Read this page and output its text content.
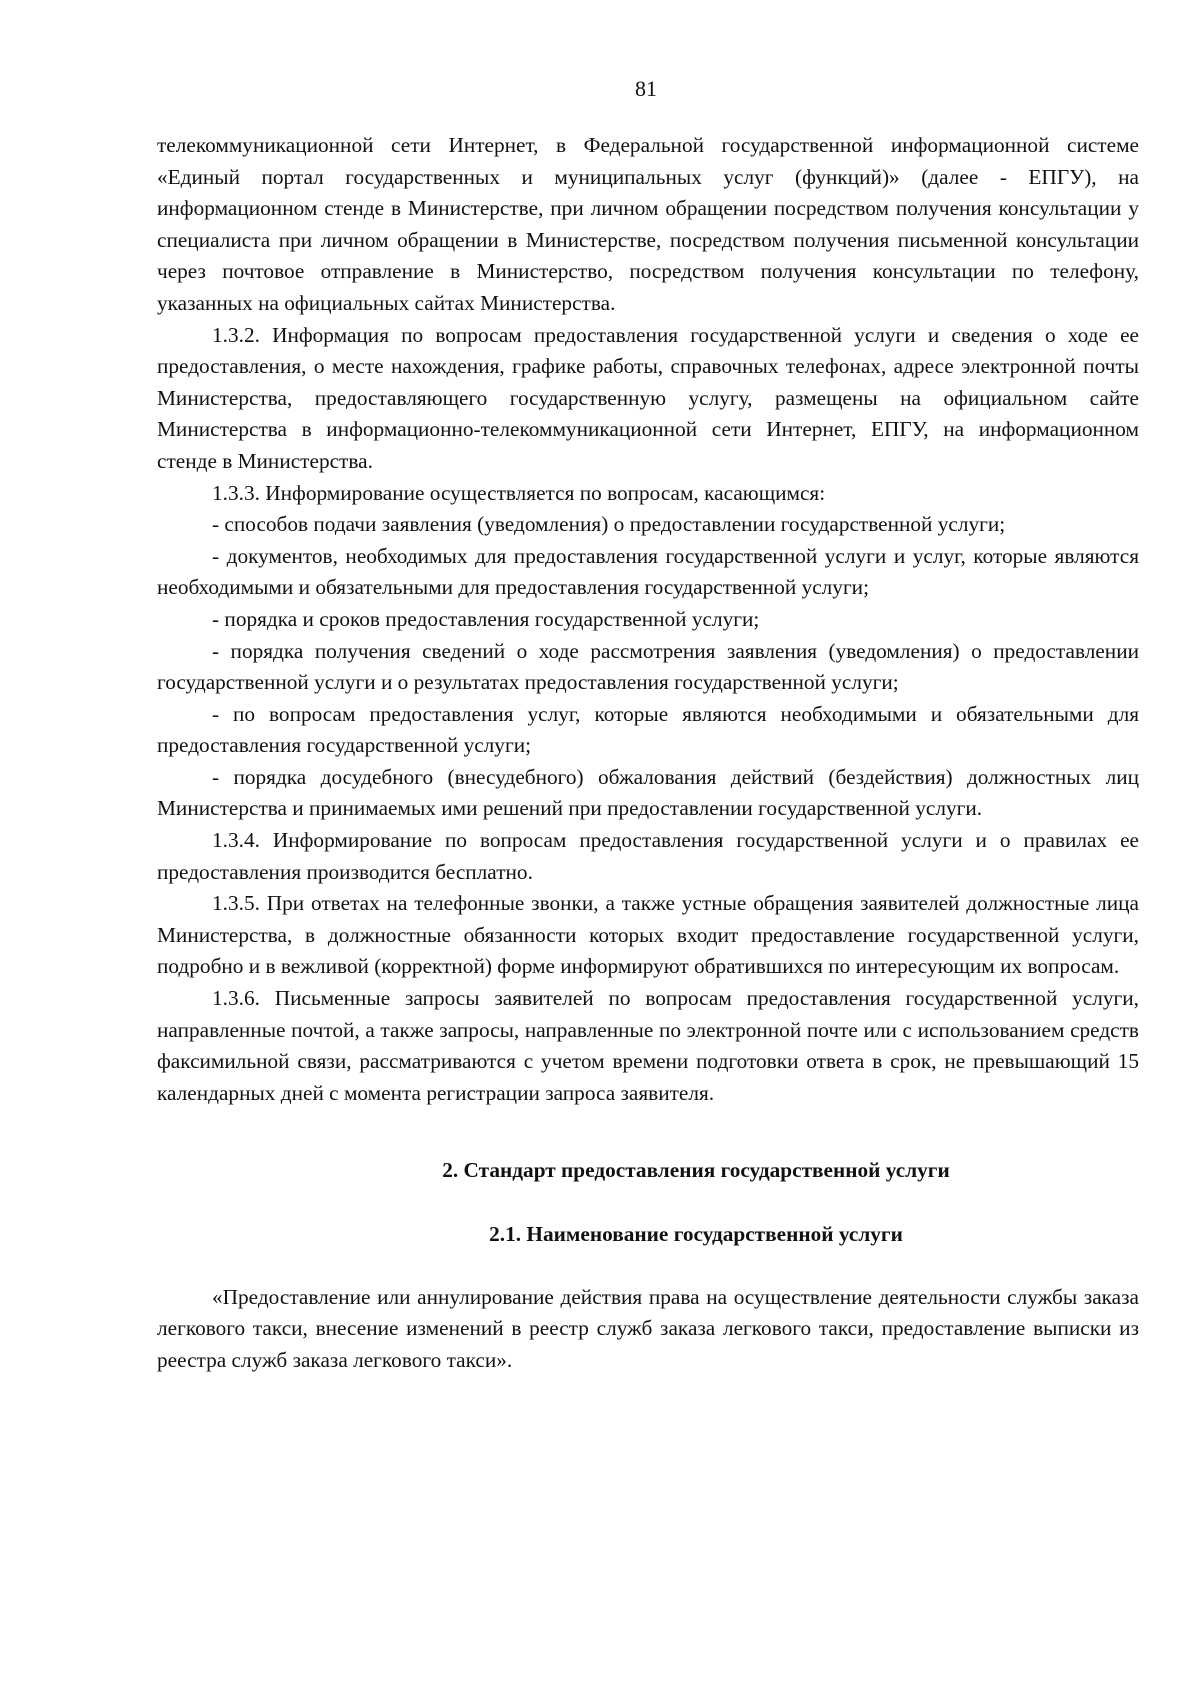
81

телекоммуникационной сети Интернет, в Федеральной государственной информационной системе «Единый портал государственных и муниципальных услуг (функций)» (далее - ЕПГУ), на информационном стенде в Министерстве, при личном обращении посредством получения консультации у специалиста при личном обращении в Министерстве, посредством получения письменной консультации через почтовое отправление в Министерство, посредством получения консультации по телефону, указанных на официальных сайтах Министерства.

1.3.2. Информация по вопросам предоставления государственной услуги и сведения о ходе ее предоставления, о месте нахождения, графике работы, справочных телефонах, адресе электронной почты Министерства, предоставляющего государственную услугу, размещены на официальном сайте Министерства в информационно-телекоммуникационной сети Интернет, ЕПГУ, на информационном стенде в Министерства.

1.3.3. Информирование осуществляется по вопросам, касающимся:

- способов подачи заявления (уведомления) о предоставлении государственной услуги;

- документов, необходимых для предоставления государственной услуги и услуг, которые являются необходимыми и обязательными для предоставления государственной услуги;

- порядка и сроков предоставления государственной услуги;

- порядка получения сведений о ходе рассмотрения заявления (уведомления) о предоставлении государственной услуги и о результатах предоставления государственной услуги;

- по вопросам предоставления услуг, которые являются необходимыми и обязательными для предоставления государственной услуги;

- порядка досудебного (внесудебного) обжалования действий (бездействия) должностных лиц Министерства и принимаемых ими решений при предоставлении государственной услуги.

1.3.4. Информирование по вопросам предоставления государственной услуги и о правилах ее предоставления производится бесплатно.

1.3.5. При ответах на телефонные звонки, а также устные обращения заявителей должностные лица Министерства, в должностные обязанности которых входит предоставление государственной услуги, подробно и в вежливой (корректной) форме информируют обратившихся по интересующим их вопросам.

1.3.6. Письменные запросы заявителей по вопросам предоставления государственной услуги, направленные почтой, а также запросы, направленные по электронной почте или с использованием средств факсимильной связи, рассматриваются с учетом времени подготовки ответа в срок, не превышающий 15 календарных дней с момента регистрации запроса заявителя.

2. Стандарт предоставления государственной услуги

2.1. Наименование государственной услуги

«Предоставление или аннулирование действия права на осуществление деятельности службы заказа легкового такси, внесение изменений в реестр служб заказа легкового такси, предоставление выписки из реестра служб заказа легкового такси».
